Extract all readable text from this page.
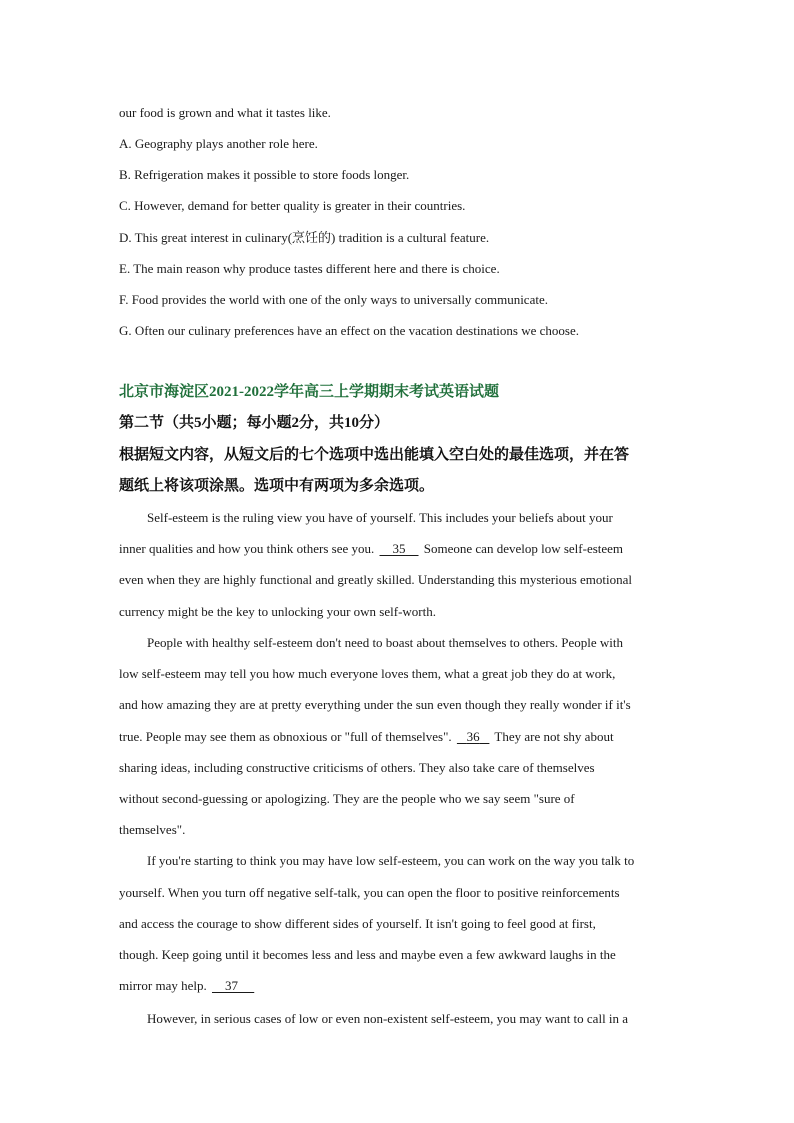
our food is grown and what it tastes like.
A. Geography plays another role here.
B. Refrigeration makes it possible to store foods longer.
C. However, demand for better quality is greater in their countries.
D. This great interest in culinary(烹饪的) tradition is a cultural feature.
E. The main reason why produce tastes different here and there is choice.
F. Food provides the world with one of the only ways to universally communicate.
G. Often our culinary preferences have an effect on the vacation destinations we choose.
北京市海淀区2021-2022学年高三上学期期末考试英语试题
第二节（共5小题；每小题2分，共10分）
根据短文内容，从短文后的七个选项中选出能填入空白处的最佳选项，并在答
题纸上将该项涂黑。选项中有两项为多余选项。
Self-esteem is the ruling view you have of yourself. This includes your beliefs about your
inner qualities and how you think others see you. 35 Someone can develop low self-esteem
even when they are highly functional and greatly skilled. Understanding this mysterious emotional
currency might be the key to unlocking your own self-worth.
People with healthy self-esteem don't need to boast about themselves to others. People with
low self-esteem may tell you how much everyone loves them, what a great job they do at work,
and how amazing they are at pretty everything under the sun even though they really wonder if it's
true. People may see them as obnoxious or "full of themselves". 36 They are not shy about
sharing ideas, including constructive criticisms of others. They also take care of themselves
without second-guessing or apologizing. They are the people who we say seem "sure of
themselves".
If you're starting to think you may have low self-esteem, you can work on the way you talk to
yourself. When you turn off negative self-talk, you can open the floor to positive reinforcements
and access the courage to show different sides of yourself. It isn't going to feel good at first,
though. Keep going until it becomes less and less and maybe even a few awkward laughs in the
mirror may help. 37
However, in serious cases of low or even non-existent self-esteem, you may want to call in a
